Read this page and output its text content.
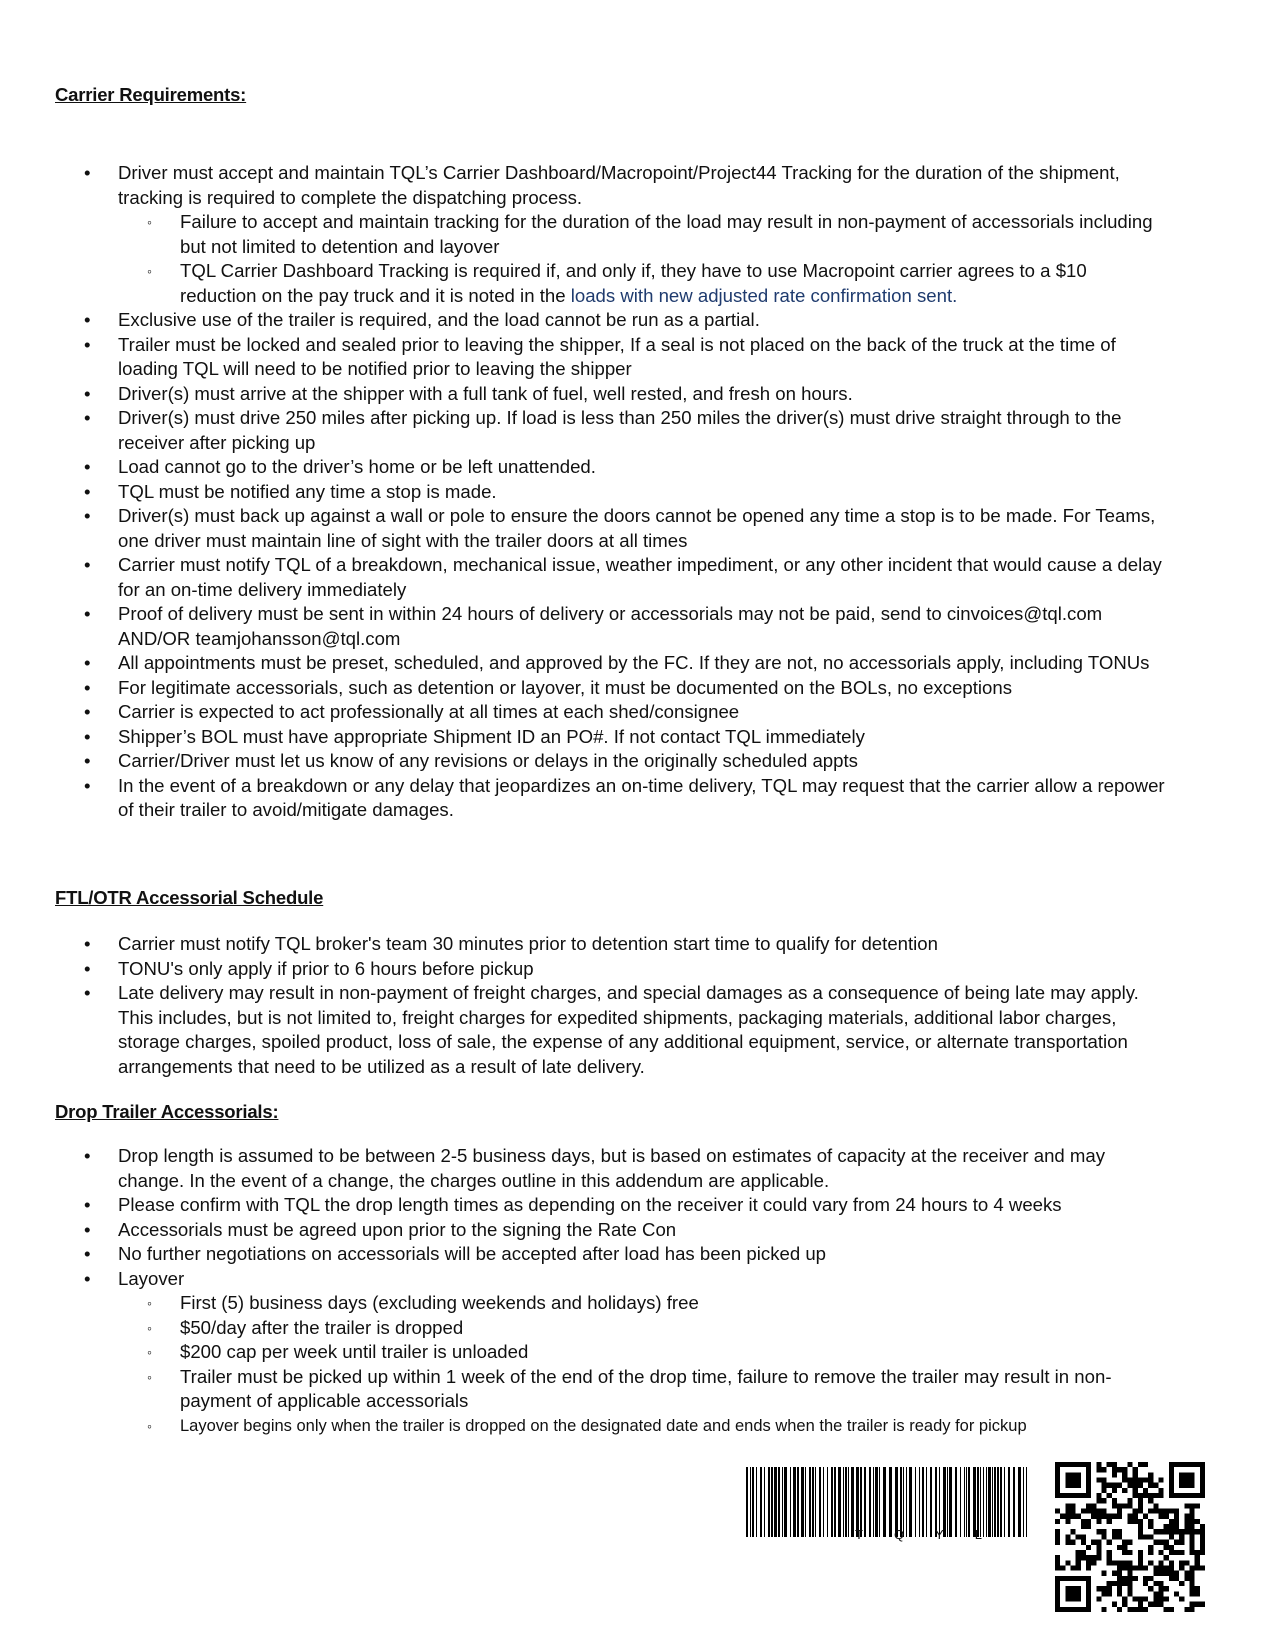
Carrier Requirements:
• Driver must accept and maintain TQL’s Carrier Dashboard/Macropoint/Project44 Tracking for the duration of the shipment, tracking is required to complete the dispatching process.
◦ Failure to accept and maintain tracking for the duration of the load may result in non-payment of accessorials including but not limited to detention and layover
◦ TQL Carrier Dashboard Tracking is required if, and only if, they have to use Macropoint carrier agrees to a $10 reduction on the pay truck and it is noted in the loads with new adjusted rate confirmation sent.
• Exclusive use of the trailer is required, and the load cannot be run as a partial.
• Trailer must be locked and sealed prior to leaving the shipper, If a seal is not placed on the back of the truck at the time of loading TQL will need to be notified prior to leaving the shipper
• Driver(s) must arrive at the shipper with a full tank of fuel, well rested, and fresh on hours.
• Driver(s) must drive 250 miles after picking up. If load is less than 250 miles the driver(s) must drive straight through to the receiver after picking up
• Load cannot go to the driver’s home or be left unattended.
• TQL must be notified any time a stop is made.
• Driver(s) must back up against a wall or pole to ensure the doors cannot be opened any time a stop is to be made. For Teams, one driver must maintain line of sight with the trailer doors at all times
• Carrier must notify TQL of a breakdown, mechanical issue, weather impediment, or any other incident that would cause a delay for an on-time delivery immediately
• Proof of delivery must be sent in within 24 hours of delivery or accessorials may not be paid, send to cinvoices@tql.com AND/OR teamjohansson@tql.com
• All appointments must be preset, scheduled, and approved by the FC. If they are not, no accessorials apply, including TONUs
• For legitimate accessorials, such as detention or layover, it must be documented on the BOLs, no exceptions
• Carrier is expected to act professionally at all times at each shed/consignee
• Shipper’s BOL must have appropriate Shipment ID an PO#. If not contact TQL immediately
• Carrier/Driver must let us know of any revisions or delays in the originally scheduled appts
• In the event of a breakdown or any delay that jeopardizes an on-time delivery, TQL may request that the carrier allow a repower of their trailer to avoid/mitigate damages.
FTL/OTR Accessorial Schedule
• Carrier must notify TQL broker's team 30 minutes prior to detention start time to qualify for detention
• TONU's only apply if prior to 6 hours before pickup
• Late delivery may result in non-payment of freight charges, and special damages as a consequence of being late may apply. This includes, but is not limited to, freight charges for expedited shipments, packaging materials, additional labor charges, storage charges, spoiled product, loss of sale, the expense of any additional equipment, service, or alternate transportation arrangements that need to be utilized as a result of late delivery.
Drop Trailer Accessorials:
• Drop length is assumed to be between 2-5 business days, but is based on estimates of capacity at the receiver and may change. In the event of a change, the charges outline in this addendum are applicable.
• Please confirm with TQL the drop length times as depending on the receiver it could vary from 24 hours to 4 weeks
• Accessorials must be agreed upon prior to the signing the Rate Con
• No further negotiations on accessorials will be accepted after load has been picked up
• Layover
◦ First (5) business days (excluding weekends and holidays) free
◦ $50/day after the trailer is dropped
◦ $200 cap per week until trailer is unloaded
◦ Trailer must be picked up within 1 week of the end of the drop time, failure to remove the trailer may result in non-payment of applicable accessorials
◦ Layover begins only when the trailer is dropped on the designated date and ends when the trailer is ready for pickup
TQYL
